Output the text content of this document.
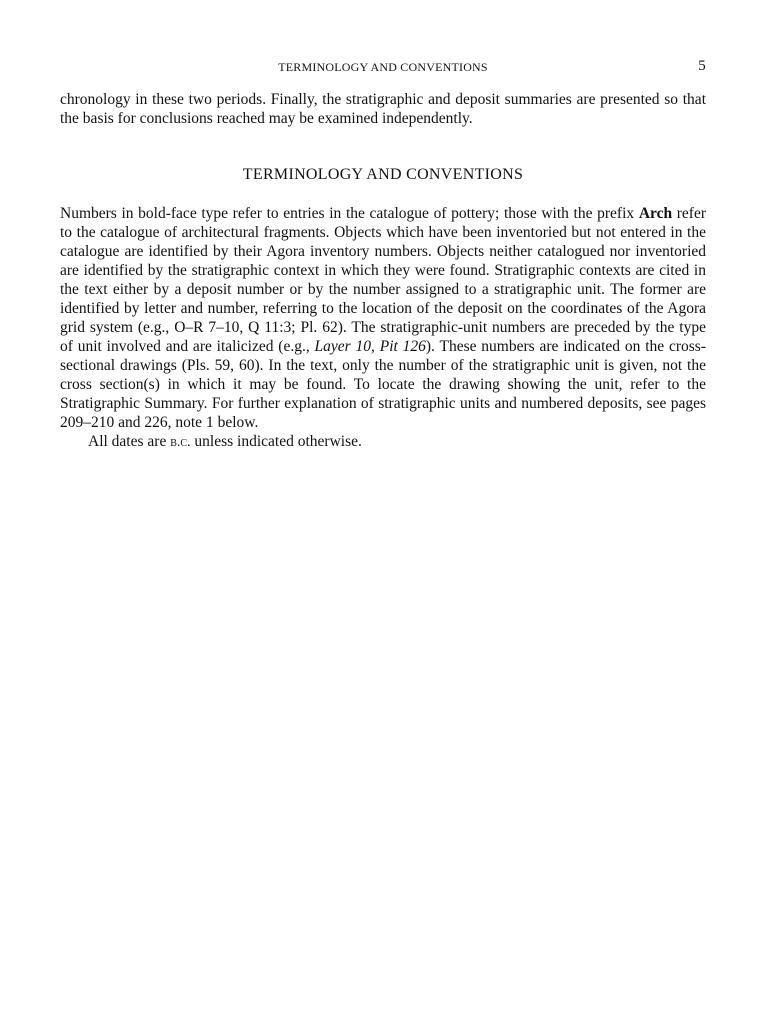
TERMINOLOGY AND CONVENTIONS	5

chronology in these two periods. Finally, the stratigraphic and deposit summaries are presented so that the basis for conclusions reached may be examined independently.

TERMINOLOGY AND CONVENTIONS

Numbers in bold-face type refer to entries in the catalogue of pottery; those with the prefix Arch refer to the catalogue of architectural fragments. Objects which have been inventoried but not entered in the catalogue are identified by their Agora inventory numbers. Objects neither catalogued nor inventoried are identified by the stratigraphic context in which they were found. Stratigraphic contexts are cited in the text either by a deposit number or by the number assigned to a stratigraphic unit. The former are identified by letter and number, referring to the location of the deposit on the coordinates of the Agora grid system (e.g., O–R 7–10, Q 11:3; Pl. 62). The stratigraphic-unit numbers are preceded by the type of unit involved and are italicized (e.g., Layer 10, Pit 126). These numbers are indicated on the cross-sectional drawings (Pls. 59, 60). In the text, only the number of the stratigraphic unit is given, not the cross section(s) in which it may be found. To locate the drawing showing the unit, refer to the Stratigraphic Summary. For further explanation of stratigraphic units and numbered deposits, see pages 209–210 and 226, note 1 below.

All dates are b.c. unless indicated otherwise.
